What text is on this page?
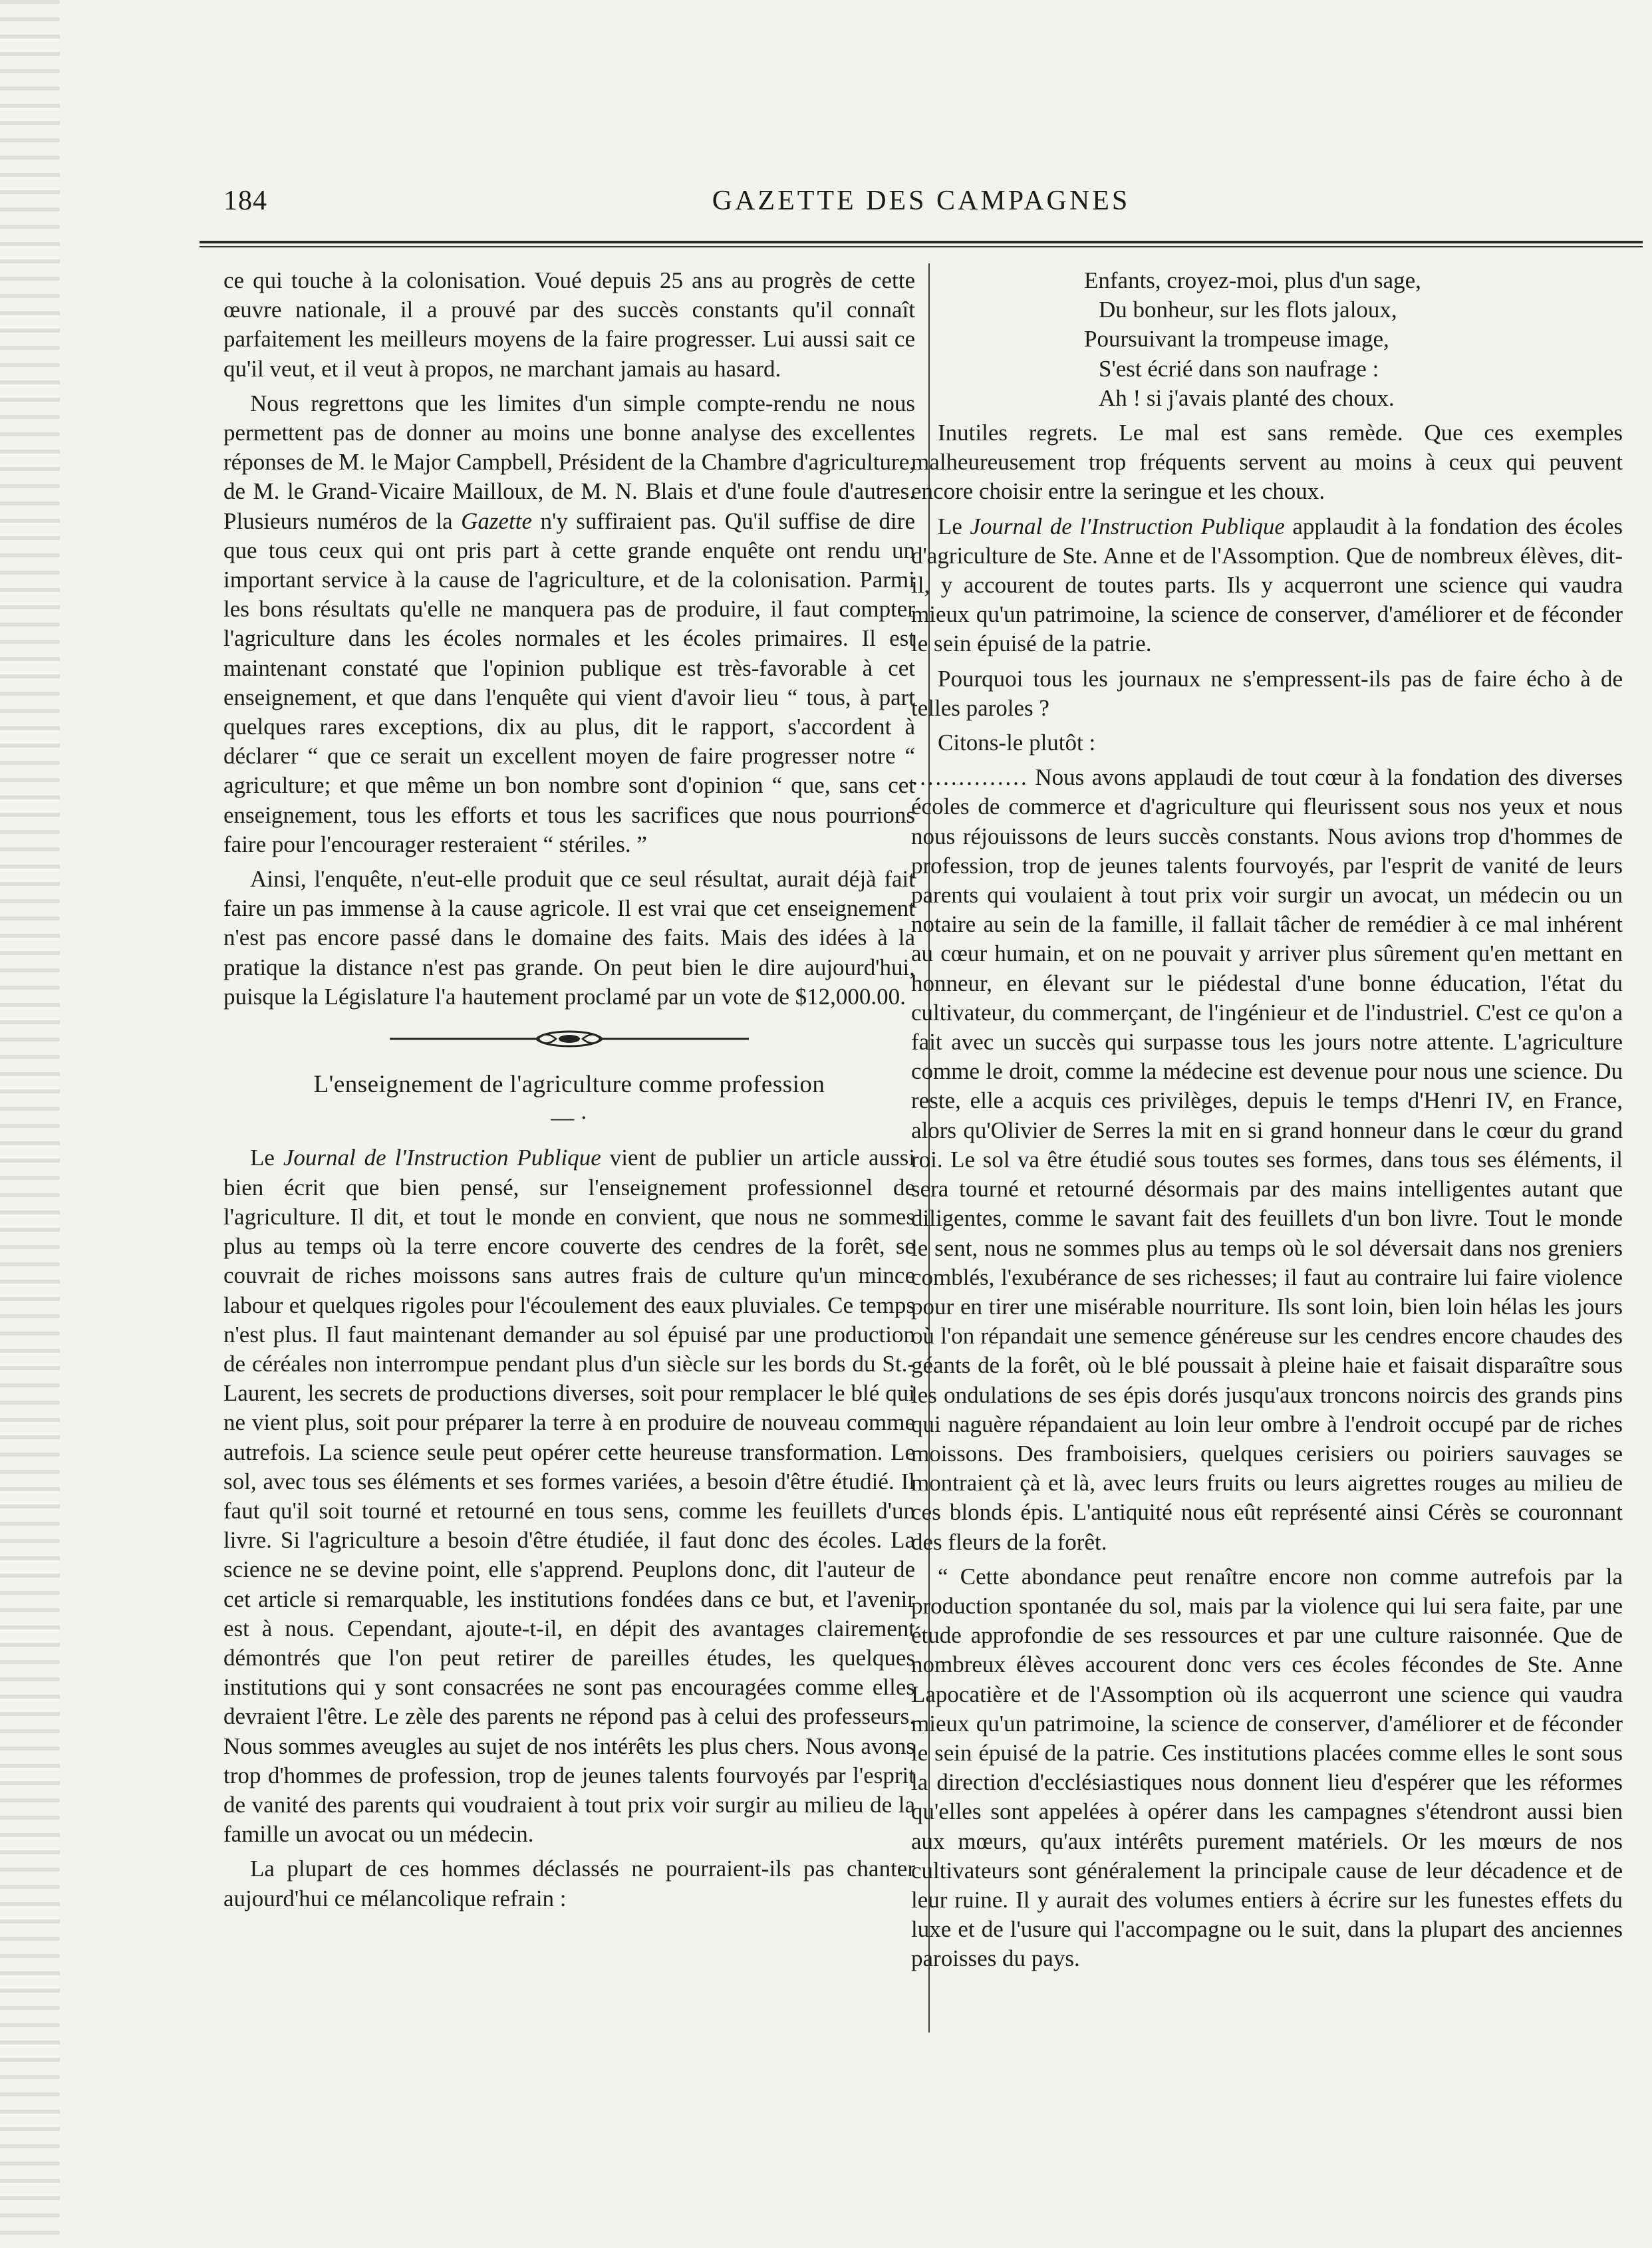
184	GAZETTE DES CAMPAGNES

ce qui touche à la colonisation. Voué depuis 25 ans au progrès de cette œuvre nationale, il a prouvé par des succès constants qu'il connaît parfaitement les meilleurs moyens de la faire progresser. Lui aussi sait ce qu'il veut, et il veut à propos, ne marchant jamais au hasard.

Nous regrettons que les limites d'un simple compte-rendu ne nous permettent pas de donner au moins une bonne analyse des excellentes réponses de M. le Major Campbell, Président de la Chambre d'agriculture, de M. le Grand-Vicaire Mailloux, de M. N. Blais et d'une foule d'autres. Plusieurs numéros de la Gazette n'y suffiraient pas. Qu'il suffise de dire que tous ceux qui ont pris part à cette grande enquête ont rendu un important service à la cause de l'agriculture, et de la colonisation. Parmi les bons résultats qu'elle ne manquera pas de produire, il faut compter l'agriculture dans les écoles normales et les écoles primaires. Il est maintenant constaté que l'opinion publique est très-favorable à cet enseignement, et que dans l'enquête qui vient d'avoir lieu “ tous, à part quelques rares exceptions, dix au plus, dit le rapport, s'accordent à déclarer “ que ce serait un excellent moyen de faire progresser notre “ agriculture; et que même un bon nombre sont d'opinion “ que, sans cet enseignement, tous les efforts et tous les sacrifices que nous pourrions faire pour l'encourager resteraient “ stériles. ”

Ainsi, l'enquête, n'eut-elle produit que ce seul résultat, aurait déjà fait faire un pas immense à la cause agricole. Il est vrai que cet enseignement n'est pas encore passé dans le domaine des faits. Mais des idées à la pratique la distance n'est pas grande. On peut bien le dire aujourd'hui, puisque la Législature l'a hautement proclamé par un vote de $12,000.00.

L'enseignement de l'agriculture comme profession
— ·

Le Journal de l'Instruction Publique vient de publier un article aussi bien écrit que bien pensé, sur l'enseignement professionnel de l'agriculture. Il dit, et tout le monde en convient, que nous ne sommes plus au temps où la terre encore couverte des cendres de la forêt, se couvrait de riches moissons sans autres frais de culture qu'un mince labour et quelques rigoles pour l'écoulement des eaux pluviales. Ce temps n'est plus. Il faut maintenant demander au sol épuisé par une production de céréales non interrompue pendant plus d'un siècle sur les bords du St.-Laurent, les secrets de productions diverses, soit pour remplacer le blé qui ne vient plus, soit pour préparer la terre à en produire de nouveau comme autrefois. La science seule peut opérer cette heureuse transformation. Le sol, avec tous ses éléments et ses formes variées, a besoin d'être étudié. Il faut qu'il soit tourné et retourné en tous sens, comme les feuillets d'un livre. Si l'agriculture a besoin d'être étudiée, il faut donc des écoles. La science ne se devine point, elle s'apprend. Peuplons donc, dit l'auteur de cet article si remarquable, les institutions fondées dans ce but, et l'avenir est à nous. Cependant, ajoute-t-il, en dépit des avantages clairement démontrés que l'on peut retirer de pareilles études, les quelques institutions qui y sont consacrées ne sont pas encouragées comme elles devraient l'être. Le zèle des parents ne répond pas à celui des professeurs. Nous sommes aveugles au sujet de nos intérêts les plus chers. Nous avons trop d'hommes de profession, trop de jeunes talents fourvoyés par l'esprit de vanité des parents qui voudraient à tout prix voir surgir au milieu de la famille un avocat ou un médecin.

La plupart de ces hommes déclassés ne pourraient-ils pas chanter aujourd'hui ce mélancolique refrain :

Enfants, croyez-moi, plus d'un sage,
Du bonheur, sur les flots jaloux,
Poursuivant la trompeuse image,
S'est écrié dans son naufrage :
Ah ! si j'avais planté des choux.

Inutiles regrets. Le mal est sans remède. Que ces exemples malheureusement trop fréquents servent au moins à ceux qui peuvent encore choisir entre la seringue et les choux.

Le Journal de l'Instruction Publique applaudit à la fondation des écoles d'agriculture de Ste. Anne et de l'Assomption. Que de nombreux élèves, dit-il, y accourent de toutes parts. Ils y acquerront une science qui vaudra mieux qu'un patrimoine, la science de conserver, d'améliorer et de féconder le sein épuisé de la patrie.

Pourquoi tous les journaux ne s'empressent-ils pas de faire écho à de telles paroles ?

Citons-le plutôt :

…………… Nous avons applaudi de tout cœur à la fondation des diverses écoles de commerce et d'agriculture qui fleurissent sous nos yeux et nous nous réjouissons de leurs succès constants. Nous avions trop d'hommes de profession, trop de jeunes talents fourvoyés, par l'esprit de vanité de leurs parents qui voulaient à tout prix voir surgir un avocat, un médecin ou un notaire au sein de la famille, il fallait tâcher de remédier à ce mal inhérent au cœur humain, et on ne pouvait y arriver plus sûrement qu'en mettant en honneur, en élevant sur le piédestal d'une bonne éducation, l'état du cultivateur, du commerçant, de l'ingénieur et de l'industriel. C'est ce qu'on a fait avec un succès qui surpasse tous les jours notre attente. L'agriculture comme le droit, comme la médecine est devenue pour nous une science. Du reste, elle a acquis ces privilèges, depuis le temps d'Henri IV, en France, alors qu'Olivier de Serres la mit en si grand honneur dans le cœur du grand roi. Le sol va être étudié sous toutes ses formes, dans tous ses éléments, il sera tourné et retourné désormais par des mains intelligentes autant que diligentes, comme le savant fait des feuillets d'un bon livre. Tout le monde le sent, nous ne sommes plus au temps où le sol déversait dans nos greniers comblés, l'exubérance de ses richesses; il faut au contraire lui faire violence pour en tirer une misérable nourriture. Ils sont loin, bien loin hélas les jours où l'on répandait une semence généreuse sur les cendres encore chaudes des géants de la forêt, où le blé poussait à pleine haie et faisait disparaître sous les ondulations de ses épis dorés jusqu'aux troncons noircis des grands pins qui naguère répandaient au loin leur ombre à l'endroit occupé par de riches moissons. Des framboisiers, quelques cerisiers ou poiriers sauvages se montraient çà et là, avec leurs fruits ou leurs aigrettes rouges au milieu de ces blonds épis. L'antiquité nous eût représenté ainsi Cérès se couronnant des fleurs de la forêt.

“ Cette abondance peut renaître encore non comme autrefois par la production spontanée du sol, mais par la violence qui lui sera faite, par une étude approfondie de ses ressources et par une culture raisonnée. Que de nombreux élèves accourent donc vers ces écoles fécondes de Ste. Anne Lapocatière et de l'Assomption où ils acquerront une science qui vaudra mieux qu'un patrimoine, la science de conserver, d'améliorer et de féconder le sein épuisé de la patrie. Ces institutions placées comme elles le sont sous la direction d'ecclésiastiques nous donnent lieu d'espérer que les réformes qu'elles sont appelées à opérer dans les campagnes s'étendront aussi bien aux mœurs, qu'aux intérêts purement matériels. Or les mœurs de nos cultivateurs sont généralement la principale cause de leur décadence et de leur ruine. Il y aurait des volumes entiers à écrire sur les funestes effets du luxe et de l'usure qui l'accompagne ou le suit, dans la plupart des anciennes paroisses du pays.
